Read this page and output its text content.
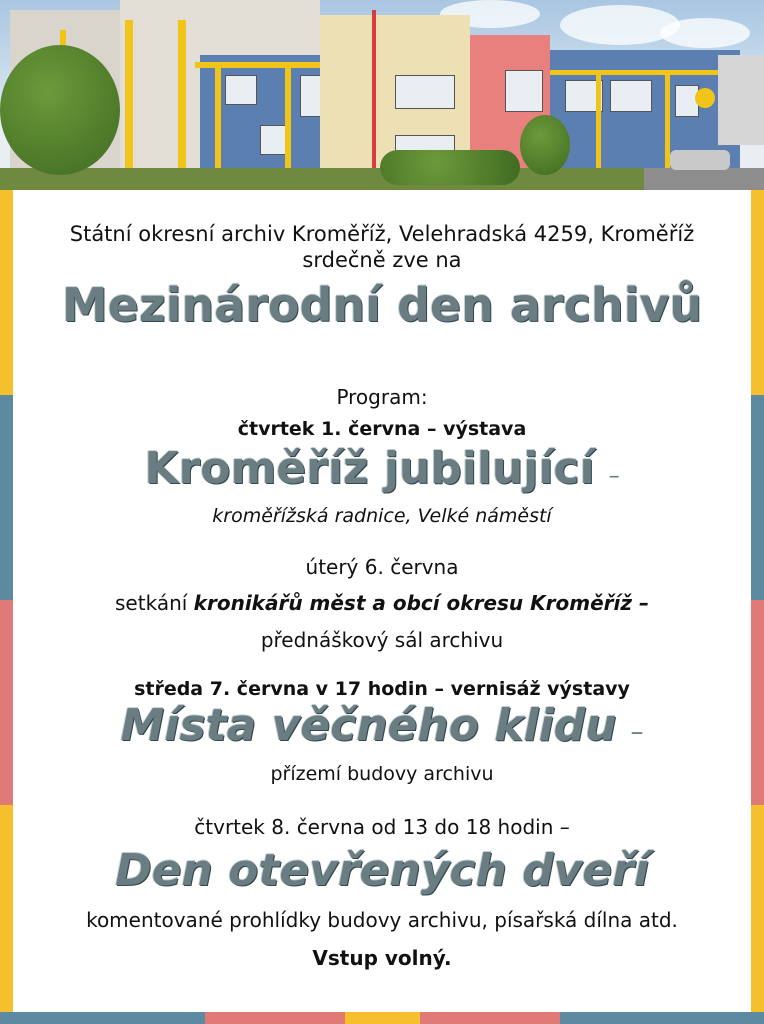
Státní okresní archiv Kroměříž, Velehradská 4259, Kroměříž

srdečně zve na

Mezinárodní den archivů

Program:

čtvrtek 1. června – výstava

Kroměříž jubilující –

kroměřížská radnice, Velké náměstí

úterý 6. června

setkání kronikářů měst a obcí okresu Kroměříž –

přednáškový sál archivu

středa 7. června v 17 hodin – vernisáž výstavy

Místa věčného klidu –

přízemí budovy archivu

čtvrtek 8. června od 13 do 18 hodin –

Den otevřených dveří

komentované prohlídky budovy archivu, písařská dílna atd.

Vstup volný.
